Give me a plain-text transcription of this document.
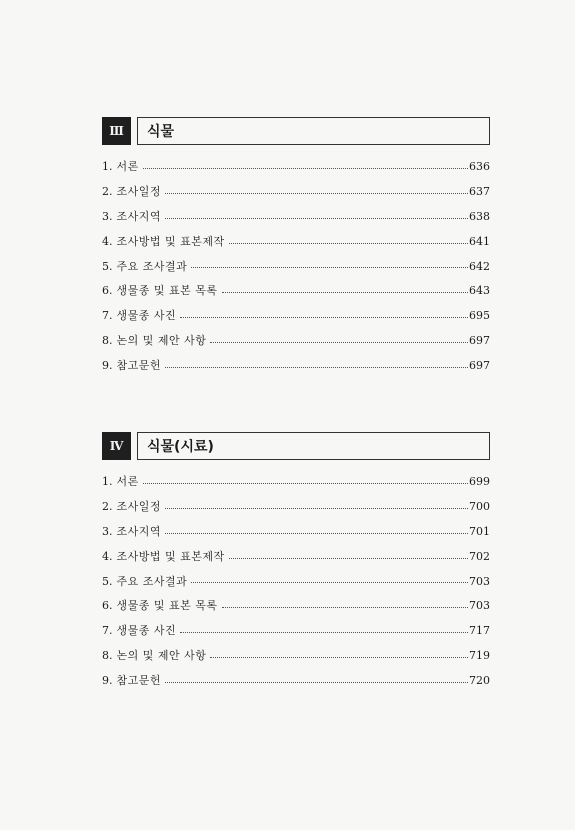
Ⅲ	식물
1. 서론	636
2. 조사일정	637
3. 조사지역	638
4. 조사방법 및 표본제작	641
5. 주요 조사결과	642
6. 생물종 및 표본 목록	643
7. 생물종 사진	695
8. 논의 및 제안 사항	697
9. 참고문헌	697
Ⅳ	식물(시료)
1. 서론	699
2. 조사일정	700
3. 조사지역	701
4. 조사방법 및 표본제작	702
5. 주요 조사결과	703
6. 생물종 및 표본 목록	703
7. 생물종 사진	717
8. 논의 및 제안 사항	719
9. 참고문헌	720
